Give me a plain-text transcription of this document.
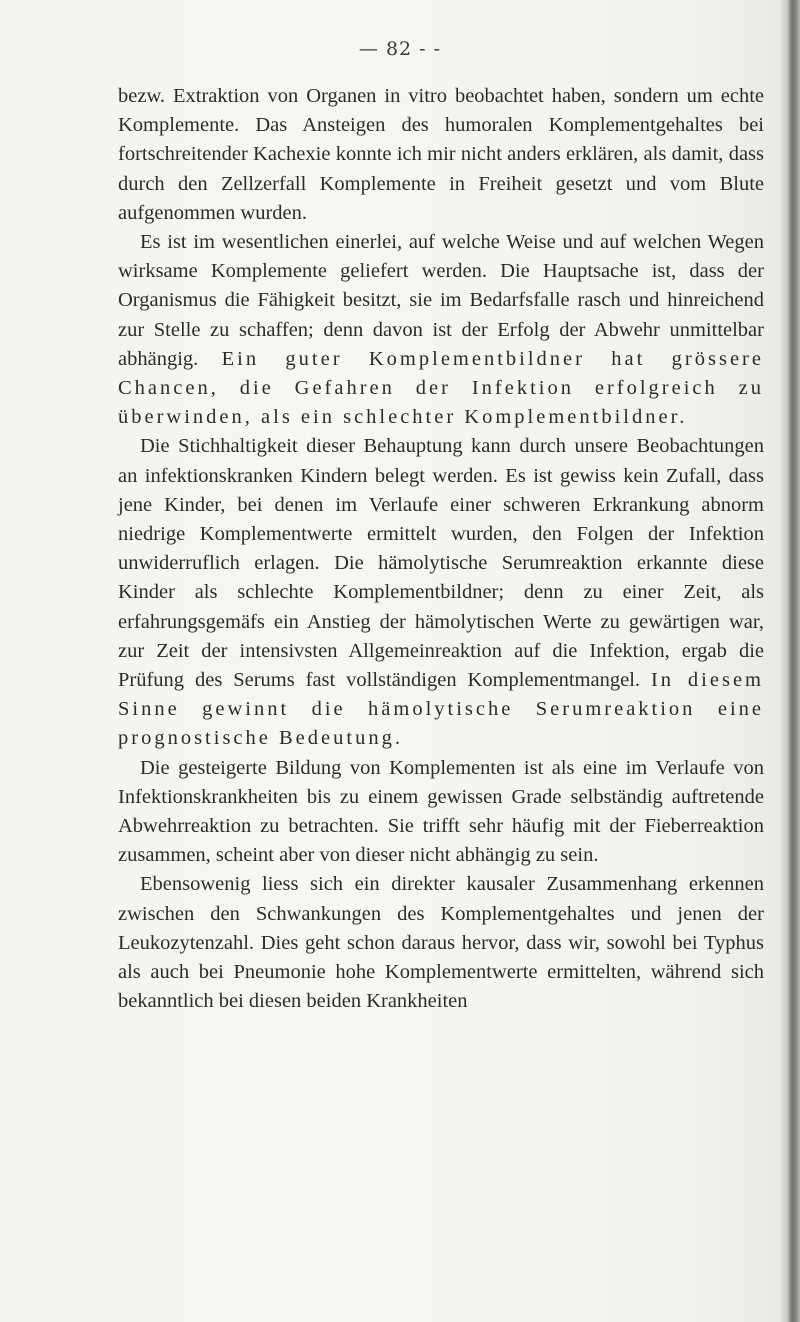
— 82 - -

bezw. Extraktion von Organen in vitro beobachtet haben, sondern um echte Komplemente. Das Ansteigen des humoralen Komplementgehaltes bei fortschreitender Kachexie konnte ich mir nicht anders erklären, als damit, dass durch den Zellzerfall Komplemente in Freiheit gesetzt und vom Blute aufgenommen wurden.

Es ist im wesentlichen einerlei, auf welche Weise und auf welchen Wegen wirksame Komplemente geliefert werden. Die Hauptsache ist, dass der Organismus die Fähigkeit besitzt, sie im Bedarfsfalle rasch und hinreichend zur Stelle zu schaffen; denn davon ist der Erfolg der Abwehr unmittelbar abhängig. Ein guter Komplementbildner hat grössere Chancen, die Gefahren der Infektion erfolgreich zu überwinden, als ein schlechter Komplementbildner.

Die Stichhaltigkeit dieser Behauptung kann durch unsere Beobachtungen an infektionskranken Kindern belegt werden. Es ist gewiss kein Zufall, dass jene Kinder, bei denen im Verlaufe einer schweren Erkrankung abnorm niedrige Komplementwerte ermittelt wurden, den Folgen der Infektion unwiderruflich erlagen. Die hämolytische Serumreaktion erkannte diese Kinder als schlechte Komplementbildner; denn zu einer Zeit, als erfahrungsgemäfs ein Anstieg der hämolytischen Werte zu gewärtigen war, zur Zeit der intensivsten Allgemeinreaktion auf die Infektion, ergab die Prüfung des Serums fast vollständigen Komplementmangel. In diesem Sinne gewinnt die hämolytische Serumreaktion eine prognostische Bedeutung.

Die gesteigerte Bildung von Komplementen ist als eine im Verlaufe von Infektionskrankheiten bis zu einem gewissen Grade selbständig auftretende Abwehrreaktion zu betrachten. Sie trifft sehr häufig mit der Fieberreaktion zusammen, scheint aber von dieser nicht abhängig zu sein.

Ebensowenig liess sich ein direkter kausaler Zusammenhang erkennen zwischen den Schwankungen des Komplementgehaltes und jenen der Leukozytenzahl. Dies geht schon daraus hervor, dass wir, sowohl bei Typhus als auch bei Pneumonie hohe Komplementwerte ermittelten, während sich bekanntlich bei diesen beiden Krankheiten
